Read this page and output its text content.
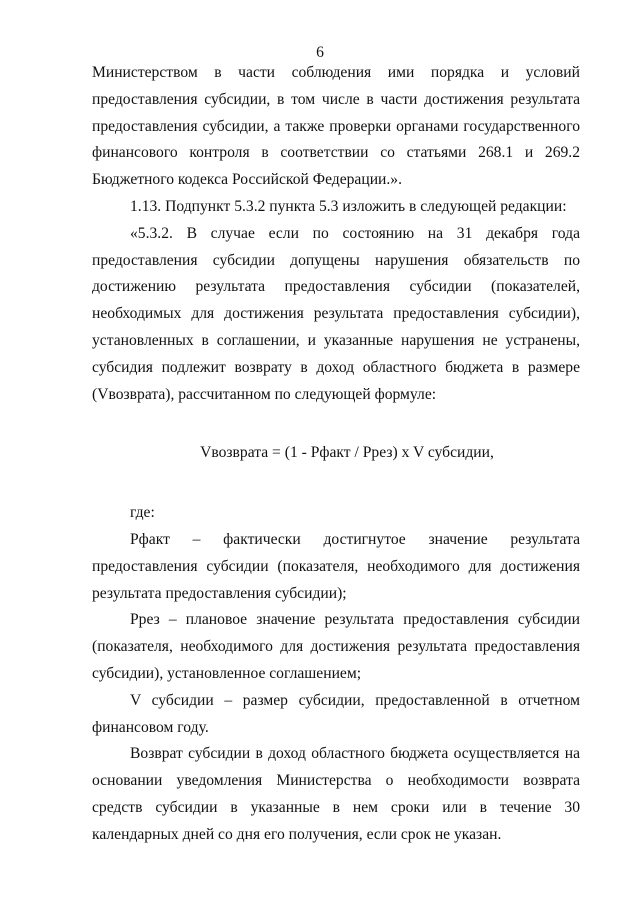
6

Министерством в части соблюдения ими порядка и условий предоставления субсидии, в том числе в части достижения результата предоставления субсидии, а также проверки органами государственного финансового контроля в соответствии со статьями 268.1 и 269.2 Бюджетного кодекса Российской Федерации.».

1.13. Подпункт 5.3.2 пункта 5.3 изложить в следующей редакции:

«5.3.2. В случае если по состоянию на 31 декабря года предоставления субсидии допущены нарушения обязательств по достижению результата предоставления субсидии (показателей, необходимых для достижения результата предоставления субсидии), установленных в соглашении, и указанные нарушения не устранены, субсидия подлежит возврату в доход областного бюджета в размере (Vвозврата), рассчитанном по следующей формуле:

Vвозврата = (1 - Рфакт / Ррез) x V субсидии,

где:

Рфакт – фактически достигнутое значение результата предоставления субсидии (показателя, необходимого для достижения результата предоставления субсидии);

Ррез – плановое значение результата предоставления субсидии (показателя, необходимого для достижения результата предоставления субсидии), установленное соглашением;

V субсидии – размер субсидии, предоставленной в отчетном финансовом году.

Возврат субсидии в доход областного бюджета осуществляется на основании уведомления Министерства о необходимости возврата средств субсидии в указанные в нем сроки или в течение 30 календарных дней со дня его получения, если срок не указан.
